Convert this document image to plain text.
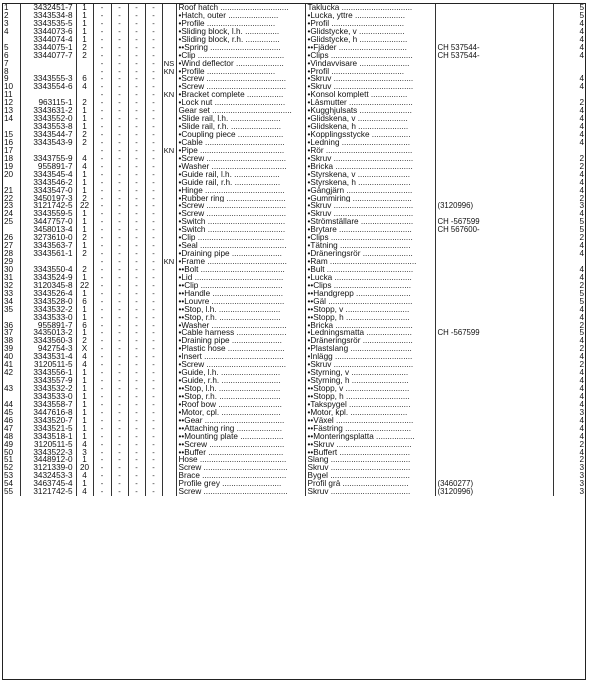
1	3432451-7	1	-	-	-	-		Roof hatch ..............................	Taklucka ...............................		5
2	3343534-8	1	-	-	-	-		•Hatch, outer ......................	•Lucka, yttre ......................		5
3	3343535-5	1	-	-	-	-		•Profile ..............................	•Profil ................................		4
4	3344073-6	1	-	-	-	-		•Sliding block, l.h. ...............	•Glidstycke, v ....................		4
	3344074-4	1	-	-	-	-		•Sliding block, r.h. ...............	•Glidstycke, h .....................		4
5	3344075-1	2	-	-	-	-		••Spring ...............................	••Fjäder ..............................	CH 537544-	4
6	3344077-7	2	-	-	-	-		•Clip ......................................	•Clips ....................................	CH 537544-	4
7			-	-	-	-	NS	•Wind deflector .....................	•Vindavvisare ......................		
8			-	-	-	-	KN	•Profile ..............................	•Profil ................................		
9	3343555-3	6	-	-	-	-		•Screw ...................................	•Skruv ...................................		4
10	3343554-6	4	-	-	-	-		•Screw ...................................	•Skruv ...................................		4
11			-	-	-	-	KN	•Bracket complete ................	•Konsol komplett ................		
12	963115-1	2	-	-	-	-		•Lock nut ...............................	•Låsmutter ............................		2
13	3343631-2	1	-	-	-	-		Gear set ...................................	•Kugghjulsats .......................		4
14	3343552-0	1	-	-	-	-		•Slide rail, l.h. ......................	•Glidskena, v ......................		4
	3343553-8	1	-	-	-	-		•Slide rail, r.h. ......................	•Glidskena, h ......................		4
15	3343544-7	2	-	-	-	-		•Coupling piece ....................	•Kopplingsstycke .................		4
16	3343543-9	2	-	-	-	-		•Cable ...................................	•Ledning ..............................		4
17			-	-	-	-	KN	•Pipe .....................................	•Rör ......................................		
18	3343755-9	4	-	-	-	-		•Screw ...................................	•Skruv ...................................		2
19	955891-7	4	-	-	-	-		•Washer .................................	•Bricka ..................................		2
20	3343545-4	1	-	-	-	-		•Guide rail, l.h. ....................	•Styrskena, v .......................		4
	3343546-2	1	-	-	-	-		•Guide rail, r.h. ....................	•Styrskena, h .......................		4
21	3343547-0	1	-	-	-	-		•Hinge ...................................	•Gångjärn .............................		4
22	3450197-3	2	-	-	-	-		•Rubber ring ..........................	•Gummiring ..........................		2
23	3121742-5	22	-	-	-	-		•Screw ...................................	•Skruv ...................................	(3120996)	3
24	3343559-5	1	-	-	-	-		•Screw ...................................	•Skruv ...................................		4
25	3447757-0	1	-	-	-	-		•Switch ..................................	•Strömställare .......................	CH -567599	5
	3458013-4	1	-	-	-	-		•Switch ..................................	•Brytare ................................	CH 567600-	5
26	3273610-0	2	-	-	-	-		•Clip ......................................	•Clips ....................................		2
27	3343563-7	1	-	-	-	-		•Seal ......................................	•Tätning ...............................		4
28	3343561-1	2	-	-	-	-		•Draining pipe ......................	•Dräneringsrör ......................		4
29			-	-	-	-	KN	•Frame ...................................	•Ram ......................................		
30	3343550-4	2	-	-	-	-		••Bolt .....................................	•Bult ......................................		4
31	3343524-9	1	-	-	-	-		•Lid .......................................	•Lucka ..................................		4
32	3120345-8	22	-	-	-	-		••Clip ....................................	••Clips ..................................		2
33	3343526-4	1	-	-	-	-		••Handle ...............................	••Handgrepp ........................		5
34	3343528-0	6	-	-	-	-		••Louvre ................................	••Gäl .....................................		5
35	3343532-2	1	-	-	-	-		••Stop, l.h. ...........................	••Stopp, v ............................		4
	3343533-0	1	-	-	-	-		••Stop, r.h. ...........................	••Stopp, h ............................		4
36	955891-7	6	-	-	-	-		•Washer .................................	•Bricka ..................................		2
37	3435013-2	1	-	-	-	-		•Cable harness ......................	•Ledningsmatta ....................	CH -567599	5
38	3343560-3	2	-	-	-	-		•Draining pipe ......................	•Dräneringsrör ......................		4
39	942754-3	X	-	-	-	-		•Plastic hose .........................	•Plastslang ...........................		2
40	3343531-4	4	-	-	-	-		•Insert ...................................	•Inlägg ..................................		4
41	3120511-5	4	-	-	-	-		•Screw ...................................	•Skruv ...................................		2
42	3343556-1	1	-	-	-	-		•Guide, l.h. ..........................	•Styrning, v .........................		4
	3343557-9	1	-	-	-	-		•Guide, r.h. ..........................	•Styrning, h .........................		4
43	3343532-2	1	-	-	-	-		••Stop, l.h. ...........................	••Stopp, v ............................		4
	3343533-0	1	-	-	-	-		••Stop, r.h. ...........................	••Stopp, h ............................		4
44	3343558-7	1	-	-	-	-		•Roof bow ............................	•Takspygel ...........................		4
45	3447616-8	1	-	-	-	-		•Motor, cpl. ..........................	•Motor, kpl. .........................		3
46	3343520-7	1	-	-	-	-		••Gear ...................................	••Växel ..................................		4
47	3343521-5	1	-	-	-	-		••Attaching ring ....................	••Fästring .............................		4
48	3343518-1	1	-	-	-	-		••Mounting plate ...................	••Monteringsplatta .................		4
49	3120511-5	4	-	-	-	-		••Screw .................................	••Skruv .................................		2
50	3343522-3	3	-	-	-	-		••Buffer .................................	••Buffert ...............................		4
51	3448912-0	1	-	-	-	-		Hose ......................................	Slang ...................................		2
52	3121339-0	20	-	-	-	-		Screw .....................................	Skruv ...................................		3
53	3432453-3	4	-	-	-	-		Brace .....................................	Bygel ...................................		3
54	3463745-4	1	-	-	-	-		Profile grey ..........................	Profil grå .............................	(3460277)	3
55	3121742-5	4	-	-	-	-		Screw .....................................	Skruv ...................................	(3120996)	3
